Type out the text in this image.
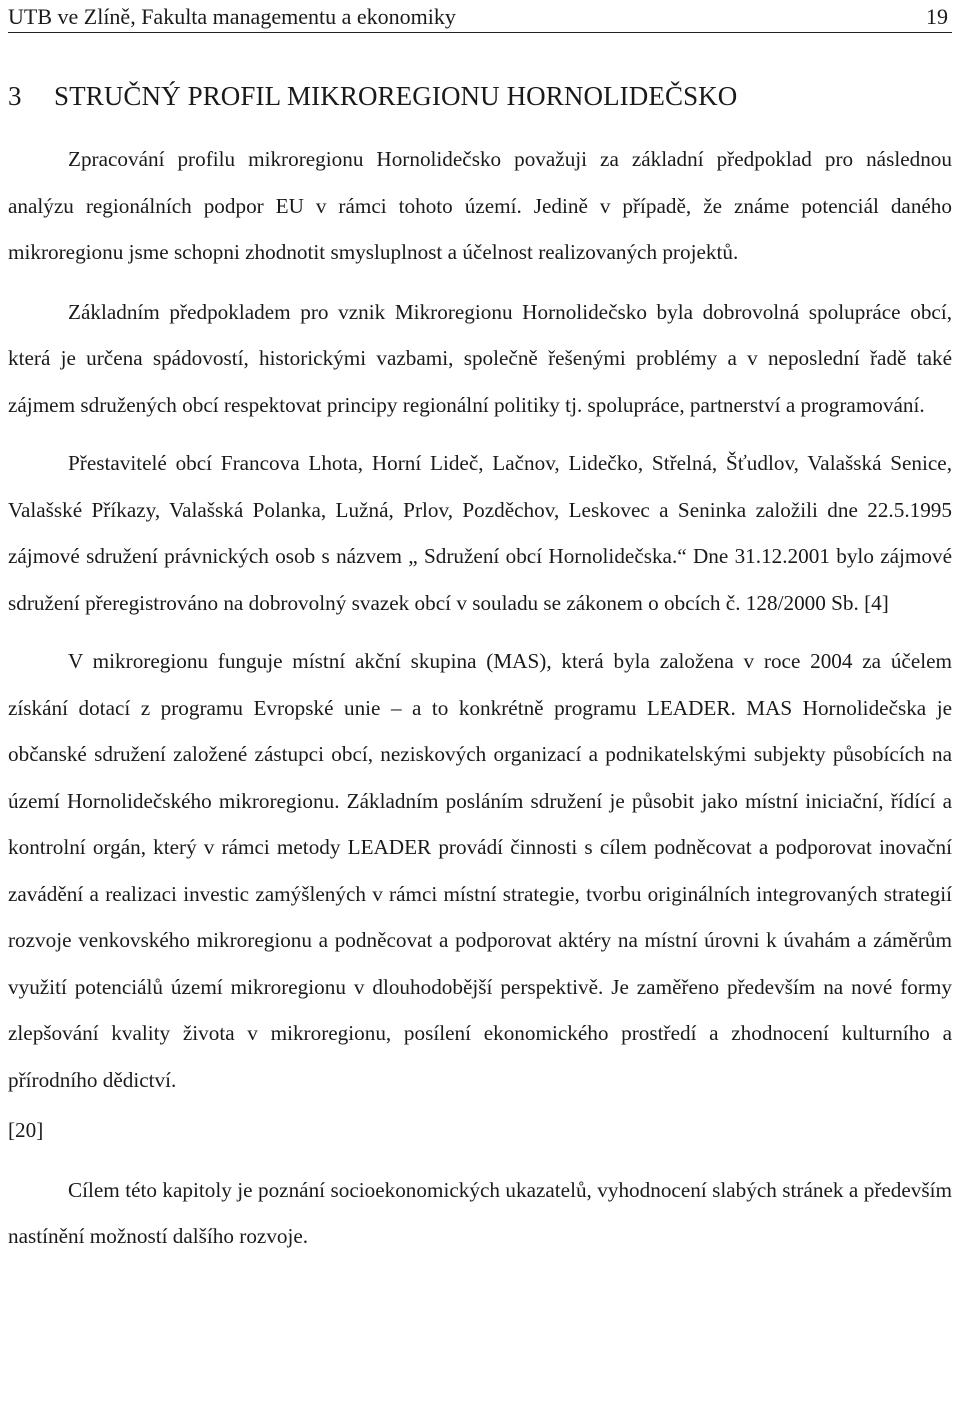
UTB ve Zlíně, Fakulta managementu a ekonomiky	19
3	STRUČNÝ PROFIL MIKROREGIONU HORNOLIDEČSKO

Zpracování profilu mikroregionu Hornolidečsko považuji za základní předpoklad pro následnou analýzu regionálních podpor EU v rámci tohoto území. Jedině v případě, že známe potenciál daného mikroregionu jsme schopni zhodnotit smysluplnost a účelnost realizovaných projektů.

Základním předpokladem pro vznik Mikroregionu Hornolidečsko byla dobrovolná spolupráce obcí, která je určena spádovostí, historickými vazbami, společně řešenými problémy a v neposlední řadě také zájmem sdružených obcí respektovat principy regionální politiky tj. spolupráce, partnerství a programování.

Přestavitelé obcí Francova Lhota, Horní Lideč, Lačnov, Lidečko, Střelná, Šťudlov, Valašská Senice, Valašské Příkazy, Valašská Polanka, Lužná, Prlov, Pozděchov, Leskovec a Seninka založili dne 22.5.1995 zájmové sdružení právnických osob s názvem „ Sdružení obcí Hornolidečska.“ Dne 31.12.2001 bylo zájmové sdružení přeregistrováno na dobrovolný svazek obcí v souladu se zákonem o obcích č. 128/2000 Sb. [4]

V mikroregionu funguje místní akční skupina (MAS), která byla založena v roce 2004 za účelem získání dotací z programu Evropské unie – a to konkrétně programu LEADER. MAS Hornolidečska je občanské sdružení založené zástupci obcí, neziskových organizací a podnikatelskými subjekty působících na území Hornolidečského mikroregionu. Základním posláním sdružení je působit jako místní iniciační, řídící a kontrolní orgán, který v rámci metody LEADER provádí činnosti s cílem podněcovat a podporovat inovační zavádění a realizaci investic zamýšlených v rámci místní strategie, tvorbu originálních integrovaných strategií rozvoje venkovského mikroregionu a podněcovat a podporovat aktéry na místní úrovni k úvahám a záměrům využití potenciálů území mikroregionu v dlouhodobější perspektivě. Je zaměřeno především na nové formy zlepšování kvality života v mikroregionu, posílení ekonomického prostředí a zhodnocení kulturního a přírodního dědictví.

[20]

Cílem této kapitoly je poznání socioekonomických ukazatelů, vyhodnocení slabých stránek a především nastínění možností dalšího rozvoje.
